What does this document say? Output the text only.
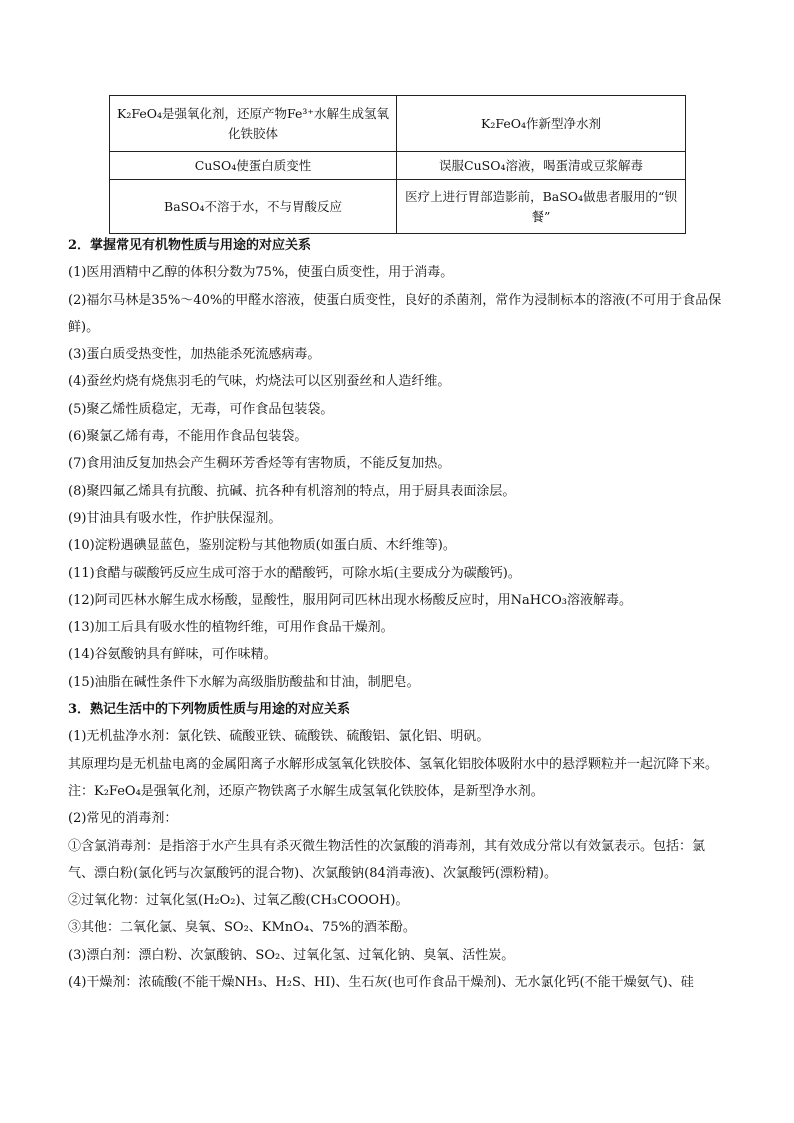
K₂FeO₄是强氧化剂，还原产物Fe³⁺水解生成氢氧化铁胶体	K₂FeO₄作新型净水剂
CuSO₄使蛋白质变性	误服CuSO₄溶液，喝蛋清或豆浆解毒
BaSO₄不溶于水，不与胃酸反应	医疗上进行胃部造影前，BaSO₄做患者服用的“钡餐”

2．掌握常见有机物性质与用途的对应关系

(1)医用酒精中乙醇的体积分数为75%，使蛋白质变性，用于消毒。

(2)福尔马林是35%～40%的甲醛水溶液，使蛋白质变性，良好的杀菌剂，常作为浸制标本的溶液(不可用于食品保鲜)。

(3)蛋白质受热变性，加热能杀死流感病毒。

(4)蚕丝灼烧有烧焦羽毛的气味，灼烧法可以区别蚕丝和人造纤维。

(5)聚乙烯性质稳定，无毒，可作食品包装袋。

(6)聚氯乙烯有毒，不能用作食品包装袋。

(7)食用油反复加热会产生稠环芳香烃等有害物质，不能反复加热。

(8)聚四氟乙烯具有抗酸、抗碱、抗各种有机溶剂的特点，用于厨具表面涂层。

(9)甘油具有吸水性，作护肤保湿剂。

(10)淀粉遇碘显蓝色，鉴别淀粉与其他物质(如蛋白质、木纤维等)。

(11)食醋与碳酸钙反应生成可溶于水的醋酸钙，可除水垢(主要成分为碳酸钙)。

(12)阿司匹林水解生成水杨酸，显酸性，服用阿司匹林出现水杨酸反应时，用NaHCO₃溶液解毒。

(13)加工后具有吸水性的植物纤维，可用作食品干燥剂。

(14)谷氨酸钠具有鲜味，可作味精。

(15)油脂在碱性条件下水解为高级脂肪酸盐和甘油，制肥皂。

3．熟记生活中的下列物质性质与用途的对应关系

(1)无机盐净水剂：氯化铁、硫酸亚铁、硫酸铁、硫酸铝、氯化铝、明矾。

其原理均是无机盐电离的金属阳离子水解形成氢氧化铁胶体、氢氧化铝胶体吸附水中的悬浮颗粒并一起沉降下来。

注：K₂FeO₄是强氧化剂，还原产物铁离子水解生成氢氧化铁胶体，是新型净水剂。

(2)常见的消毒剂：

①含氯消毒剂：是指溶于水产生具有杀灭微生物活性的次氯酸的消毒剂，其有效成分常以有效氯表示。包括：氯气、漂白粉(氯化钙与次氯酸钙的混合物)、次氯酸钠(84消毒液)、次氯酸钙(漂粉精)。

②过氧化物：过氧化氢(H₂O₂)、过氧乙酸(CH₃COOOH)。

③其他：二氧化氯、臭氧、SO₂、KMnO₄、75%的酒苯酚。

(3)漂白剂：漂白粉、次氯酸钠、SO₂、过氧化氢、过氧化钠、臭氧、活性炭。

(4)干燥剂：浓硫酸(不能干燥NH₃、H₂S、HI)、生石灰(也可作食品干燥剂)、无水氯化钙(不能干燥氨气)、硅
